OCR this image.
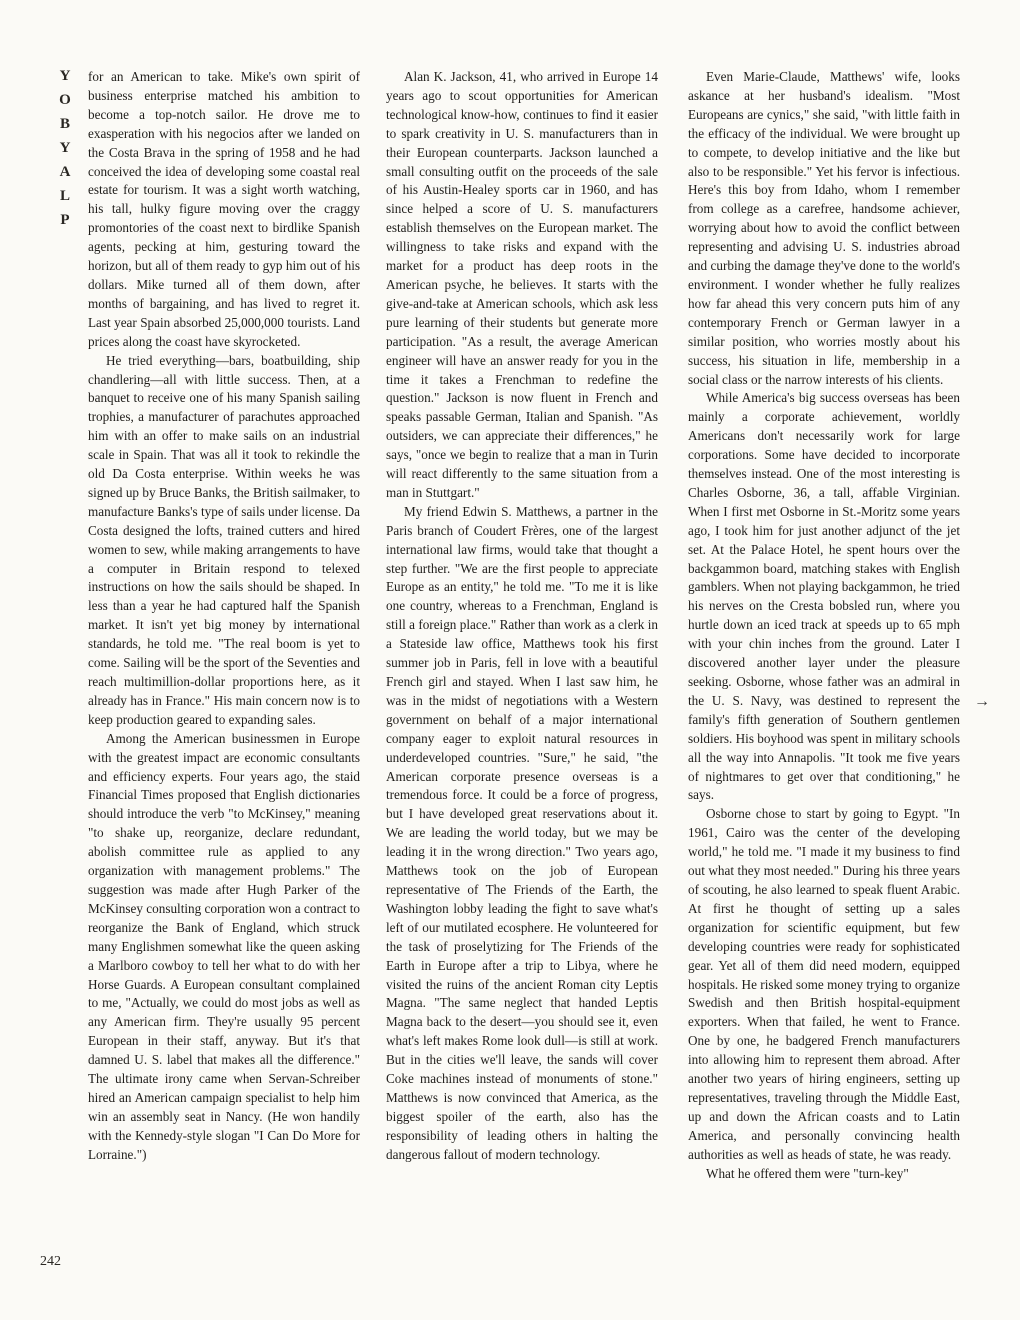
Y
O
B
Y
A
L
P
242
→

for an American to take. Mike's own spirit of business enterprise matched his ambition to become a top-notch sailor. He drove me to exasperation with his negocios after we landed on the Costa Brava in the spring of 1958 and he had conceived the idea of developing some coastal real estate for tourism. It was a sight worth watching, his tall, hulky figure moving over the craggy promontories of the coast next to birdlike Spanish agents, pecking at him, gesturing toward the horizon, but all of them ready to gyp him out of his dollars. Mike turned all of them down, after months of bargaining, and has lived to regret it. Last year Spain absorbed 25,000,000 tourists. Land prices along the coast have skyrocketed.

He tried everything—bars, boatbuilding, ship chandlering—all with little success. Then, at a banquet to receive one of his many Spanish sailing trophies, a manufacturer of parachutes approached him with an offer to make sails on an industrial scale in Spain. That was all it took to rekindle the old Da Costa enterprise. Within weeks he was signed up by Bruce Banks, the British sailmaker, to manufacture Banks's type of sails under license. Da Costa designed the lofts, trained cutters and hired women to sew, while making arrangements to have a computer in Britain respond to telexed instructions on how the sails should be shaped. In less than a year he had captured half the Spanish market. It isn't yet big money by international standards, he told me. "The real boom is yet to come. Sailing will be the sport of the Seventies and reach multimillion-dollar proportions here, as it already has in France." His main concern now is to keep production geared to expanding sales.

Among the American businessmen in Europe with the greatest impact are economic consultants and efficiency experts. Four years ago, the staid Financial Times proposed that English dictionaries should introduce the verb "to McKinsey," meaning "to shake up, reorganize, declare redundant, abolish committee rule as applied to any organization with management problems." The suggestion was made after Hugh Parker of the McKinsey consulting corporation won a contract to reorganize the Bank of England, which struck many Englishmen somewhat like the queen asking a Marlboro cowboy to tell her what to do with her Horse Guards. A European consultant complained to me, "Actually, we could do most jobs as well as any American firm. They're usually 95 percent European in their staff, anyway. But it's that damned U. S. label that makes all the difference." The ultimate irony came when Servan-Schreiber hired an American campaign specialist to help him win an assembly seat in Nancy. (He won handily with the Kennedy-style slogan "I Can Do More for Lorraine.")

Alan K. Jackson, 41, who arrived in Europe 14 years ago to scout opportunities for American technological know-how, continues to find it easier to spark creativity in U. S. manufacturers than in their European counterparts. Jackson launched a small consulting outfit on the proceeds of the sale of his Austin-Healey sports car in 1960, and has since helped a score of U. S. manufacturers establish themselves on the European market. The willingness to take risks and expand with the market for a product has deep roots in the American psyche, he believes. It starts with the give-and-take at American schools, which ask less pure learning of their students but generate more participation. "As a result, the average American engineer will have an answer ready for you in the time it takes a Frenchman to redefine the question." Jackson is now fluent in French and speaks passable German, Italian and Spanish. "As outsiders, we can appreciate their differences," he says, "once we begin to realize that a man in Turin will react differently to the same situation from a man in Stuttgart."

My friend Edwin S. Matthews, a partner in the Paris branch of Coudert Frères, one of the largest international law firms, would take that thought a step further. "We are the first people to appreciate Europe as an entity," he told me. "To me it is like one country, whereas to a Frenchman, England is still a foreign place." Rather than work as a clerk in a Stateside law office, Matthews took his first summer job in Paris, fell in love with a beautiful French girl and stayed. When I last saw him, he was in the midst of negotiations with a Western government on behalf of a major international company eager to exploit natural resources in underdeveloped countries. "Sure," he said, "the American corporate presence overseas is a tremendous force. It could be a force of progress, but I have developed great reservations about it. We are leading the world today, but we may be leading it in the wrong direction." Two years ago, Matthews took on the job of European representative of The Friends of the Earth, the Washington lobby leading the fight to save what's left of our mutilated ecosphere. He volunteered for the task of proselytizing for The Friends of the Earth in Europe after a trip to Libya, where he visited the ruins of the ancient Roman city Leptis Magna. "The same neglect that handed Leptis Magna back to the desert—you should see it, even what's left makes Rome look dull—is still at work. But in the cities we'll leave, the sands will cover Coke machines instead of monuments of stone." Matthews is now convinced that America, as the biggest spoiler of the earth, also has the responsibility of leading others in halting the dangerous fallout of modern technology.

Even Marie-Claude, Matthews' wife, looks askance at her husband's idealism. "Most Europeans are cynics," she said, "with little faith in the efficacy of the individual. We were brought up to compete, to develop initiative and the like but also to be responsible." Yet his fervor is infectious. Here's this boy from Idaho, whom I remember from college as a carefree, handsome achiever, worrying about how to avoid the conflict between representing and advising U. S. industries abroad and curbing the damage they've done to the world's environment. I wonder whether he fully realizes how far ahead this very concern puts him of any contemporary French or German lawyer in a similar position, who worries mostly about his success, his situation in life, membership in a social class or the narrow interests of his clients.

While America's big success overseas has been mainly a corporate achievement, worldly Americans don't necessarily work for large corporations. Some have decided to incorporate themselves instead. One of the most interesting is Charles Osborne, 36, a tall, affable Virginian. When I first met Osborne in St.-Moritz some years ago, I took him for just another adjunct of the jet set. At the Palace Hotel, he spent hours over the backgammon board, matching stakes with English gamblers. When not playing backgammon, he tried his nerves on the Cresta bobsled run, where you hurtle down an iced track at speeds up to 65 mph with your chin inches from the ground. Later I discovered another layer under the pleasure seeking. Osborne, whose father was an admiral in the U. S. Navy, was destined to represent the family's fifth generation of Southern gentlemen soldiers. His boyhood was spent in military schools all the way into Annapolis. "It took me five years of nightmares to get over that conditioning," he says.

Osborne chose to start by going to Egypt. "In 1961, Cairo was the center of the developing world," he told me. "I made it my business to find out what they most needed." During his three years of scouting, he also learned to speak fluent Arabic. At first he thought of setting up a sales organization for scientific equipment, but few developing countries were ready for sophisticated gear. Yet all of them did need modern, equipped hospitals. He risked some money trying to organize Swedish and then British hospital-equipment exporters. When that failed, he went to France. One by one, he badgered French manufacturers into allowing him to represent them abroad. After another two years of hiring engineers, setting up representatives, traveling through the Middle East, up and down the African coasts and to Latin America, and personally convincing health authorities as well as heads of state, he was ready.

What he offered them were "turn-key"
